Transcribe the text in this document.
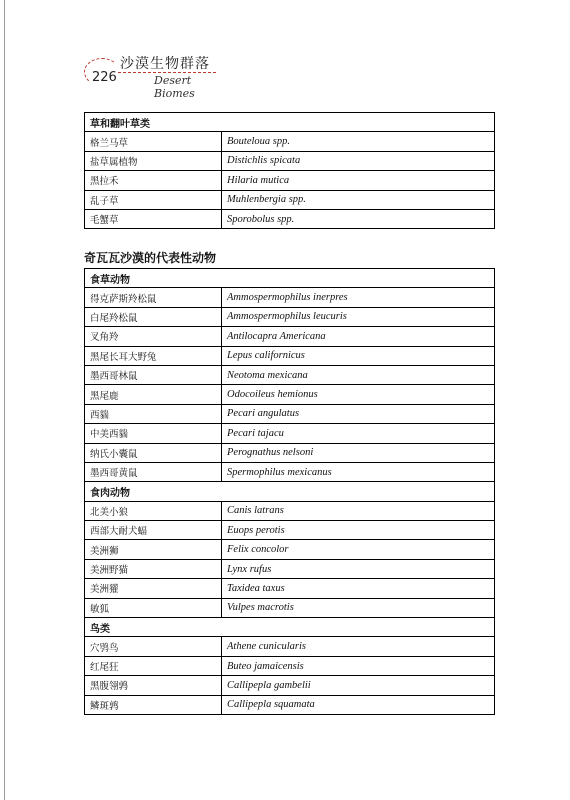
226
沙漠生物群落
Desert Biomes
草和翻叶草类	
格兰马草	Bouteloua spp.
盐草属植物	Distichlis spicata
黑拉禾	Hilaria mutica
乱子草	Muhlenbergia spp.
毛蟹草	Sporobolus spp.
奇瓦瓦沙漠的代表性动物
食草动物	
得克萨斯羚松鼠	Ammospermophilus inerpres
白尾羚松鼠	Ammospermophilus leucuris
叉角羚	Antilocapra Americana
黑尾长耳大野兔	Lepus californicus
墨西哥林鼠	Neotoma mexicana
黑尾鹿	Odocoileus hemionus
西貒	Pecari angulatus
中美西貒	Pecari tajacu
纳氏小囊鼠	Perognathus nelsoni
墨西哥黄鼠	Spermophilus mexicanus
食肉动物	
北美小狼	Canis latrans
西部大耐犬蝠	Euops perotis
美洲狮	Felix concolor
美洲野猫	Lynx rufus
美洲獾	Taxidea taxus
敏狐	Vulpes macrotis
鸟类	
穴鸮鸟	Athene cunicularis
红尾狂	Buteo jamaicensis
黑腹翎鹑	Callipepla gambelii
鳞斑鹑	Callipepla squamata
